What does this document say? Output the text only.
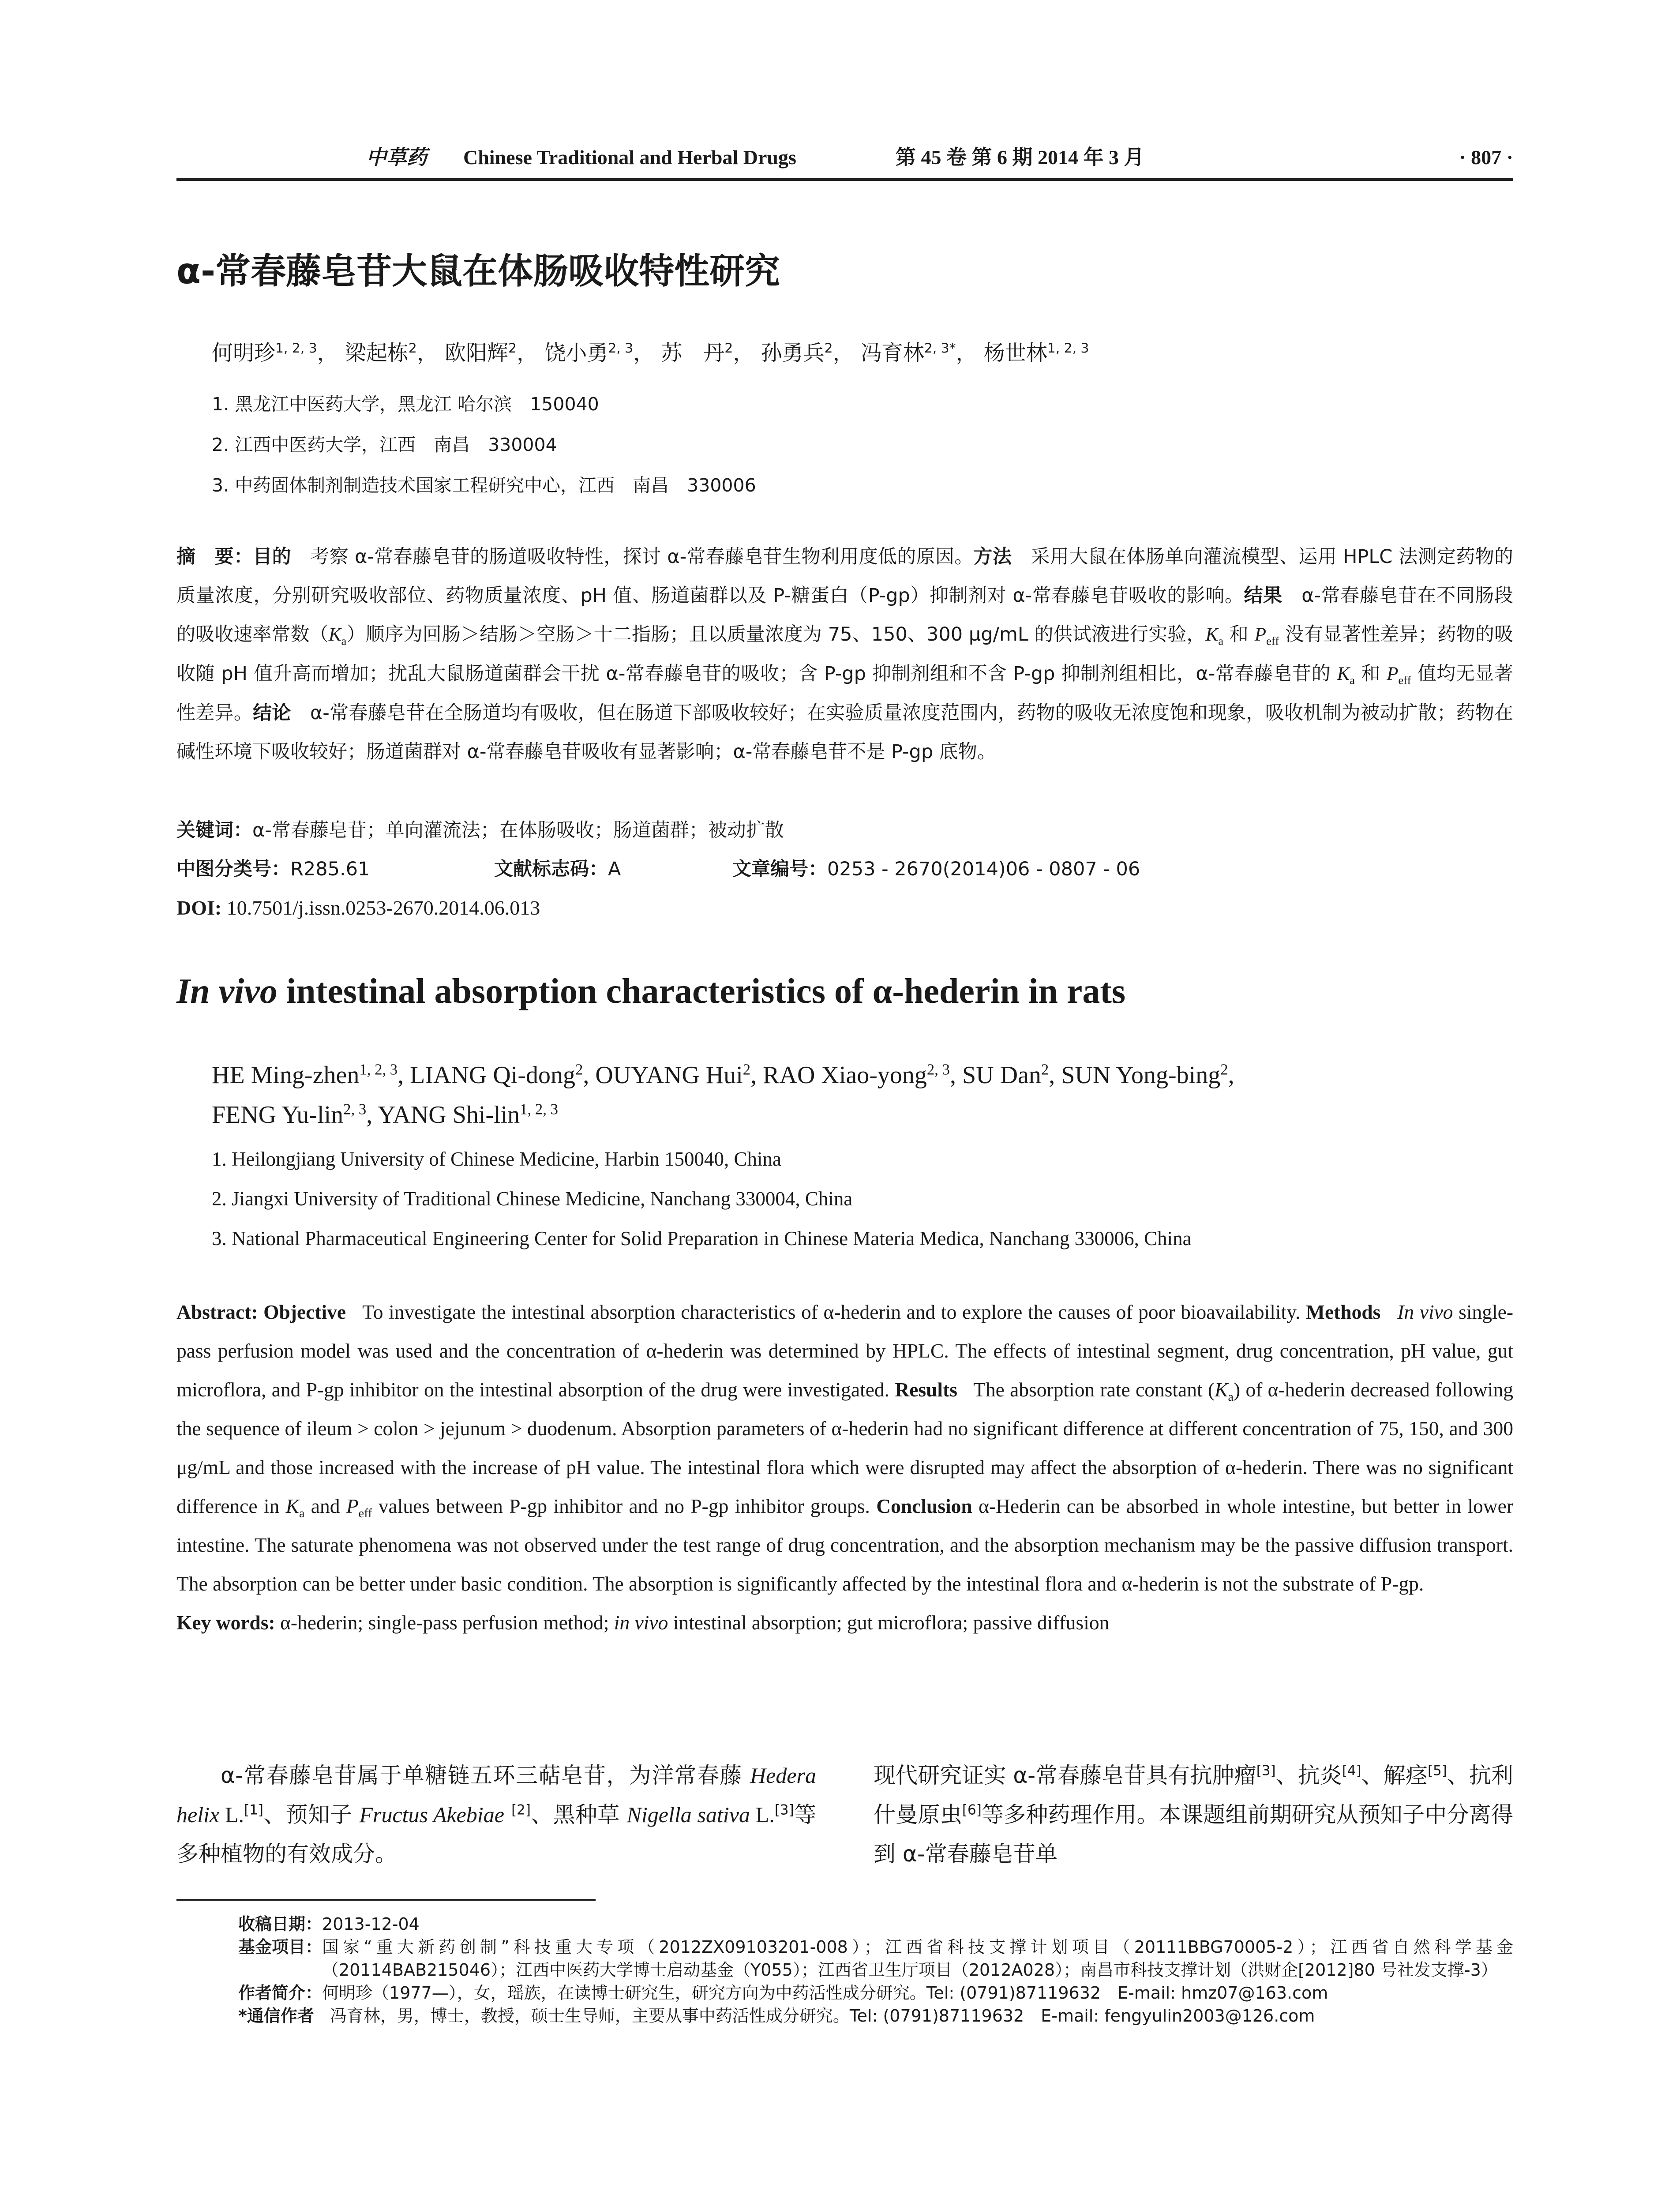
中草药 Chinese Traditional and Herbal Drugs	第 45 卷 第 6 期 2014 年 3 月	· 807 ·
α-常春藤皂苷大鼠在体肠吸收特性研究
何明珍$^{1, 2, 3}$， 梁起栋$^2$， 欧阳辉$^2$， 饶小勇$^{2, 3}$， 苏　丹$^2$， 孙勇兵$^2$， 冯育林$^{2, 3*}$， 杨世林$^{1, 2, 3}$
1. 黑龙江中医药大学，黑龙江 哈尔滨　150040
2. 江西中医药大学，江西　南昌　330004
3. 中药固体制剂制造技术国家工程研究中心，江西　南昌　330006
摘　要：目的　 考察 α-常春藤皂苷的肠道吸收特性，探讨 α-常春藤皂苷生物利用度低的原因。方法　 采用大鼠在体肠单向灌流模型、运用 HPLC 法测定药物的质量浓度，分别研究吸收部位、药物质量浓度、pH 值、肠道菌群以及 P-糖蛋白（P-gp）抑制剂对 α-常春藤皂苷吸收的影响。结果　 α-常春藤皂苷在不同肠段的吸收速率常数$(K_a)$顺序为回肠＞结肠＞空肠＞十二指肠；且以质量浓度为 75、150、300 μg/mL 的供试液进行实验，$K_a$ 和 $P_{eff}$ 没有显著性差异；药物的吸收随 pH 值升高而增加；扰乱大鼠肠道菌群会干扰 α-常春藤皂苷的吸收；含 P-gp 抑制剂组和不含 P-gp 抑制剂组相比，α-常春藤皂苷的 $K_a$ 和 $P_{eff}$ 值均无显著性差异。结论　 α-常春藤皂苷在全肠道均有吸收，但在肠道下部吸收较好；在实验质量浓度范围内，药物的吸收无浓度饱和现象，吸收机制为被动扩散；药物在碱性环境下吸收较好；肠道菌群对 α-常春藤皂苷吸收有显著影响；α-常春藤皂苷不是 P-gp 底物。
关键词：α-常春藤皂苷；单向灌流法；在体肠吸收；肠道菌群；被动扩散
中图分类号：R285.61	文献标志码：A	文章编号：0253 - 2670(2014)06 - 0807 - 06
DOI: 10.7501/j.issn.0253-2670.2014.06.013
In vivo intestinal absorption characteristics of α-hederin in rats
HE Ming-zhen$^{1, 2, 3}$, LIANG Qi-dong$^2$, OUYANG Hui$^2$, RAO Xiao-yong$^{2, 3}$, SU Dan$^2$, SUN Yong-bing$^2$,
FENG Yu-lin$^{2, 3}$, YANG Shi-lin$^{1, 2, 3}$
1. Heilongjiang University of Chinese Medicine, Harbin 150040, China
2. Jiangxi University of Traditional Chinese Medicine, Nanchang 330004, China
3. National Pharmaceutical Engineering Center for Solid Preparation in Chinese Materia Medica, Nanchang 330006, China
Abstract: Objective To investigate the intestinal absorption characteristics of α-hederin and to explore the causes of poor bioavailability. Methods In vivo single-pass perfusion model was used and the concentration of α-hederin was determined by HPLC. The effects of intestinal segment, drug concentration, pH value, gut microflora, and P-gp inhibitor on the intestinal absorption of the drug were investigated. Results The absorption rate constant $(K_a)$ of α-hederin decreased following the sequence of ileum > colon > jejunum > duodenum. Absorption parameters of α-hederin had no significant difference at different concentration of 75, 150, and 300 μg/mL and those increased with the increase of pH value. The intestinal flora which were disrupted may affect the absorption of α-hederin. There was no significant difference in $K_a$ and $P_{eff}$ values between P-gp inhibitor and no P-gp inhibitor groups. Conclusion α-Hederin can be absorbed in whole intestine, but better in lower intestine. The saturate phenomena was not observed under the test range of drug concentration, and the absorption mechanism may be the passive diffusion transport. The absorption can be better under basic condition. The absorption is significantly affected by the intestinal flora and α-hederin is not the substrate of P-gp.
Key words: α-hederin; single-pass perfusion method; in vivo intestinal absorption; gut microflora; passive diffusion
α-常春藤皂苷属于单糖链五环三萜皂苷，为洋常春藤 Hedera helix L.[1]、预知子 Fructus Akebiae [2]、黑种草 Nigella sativa L.[3]等多种植物的有效成分。
现代研究证实 α-常春藤皂苷具有抗肿瘤[3]、抗炎[4]、解痉[5]、抗利什曼原虫[6]等多种药理作用。本课题组前期研究从预知子中分离得到 α-常春藤皂苷单
收稿日期： 2013-12-04
基金项目： 国家“重大新药创制”科技重大专项（2012ZX09103201-008）；江西省科技支撑计划项目（20111BBG70005-2）；江西省自然科学基金（20114BAB215046）；江西中医药大学博士启动基金（Y055）；江西省卫生厅项目（2012A028）；南昌市科技支撑计划（洪财企[2012]80 号社发支撑-3）
作者简介： 何明珍（1977—），女，瑶族，在读博士研究生，研究方向为中药活性成分研究。Tel: (0791)87119632　E-mail: hmz07@163.com
*通信作者 冯育林，男，博士，教授，硕士生导师，主要从事中药活性成分研究。Tel: (0791)87119632　E-mail: fengyulin2003@126.com
